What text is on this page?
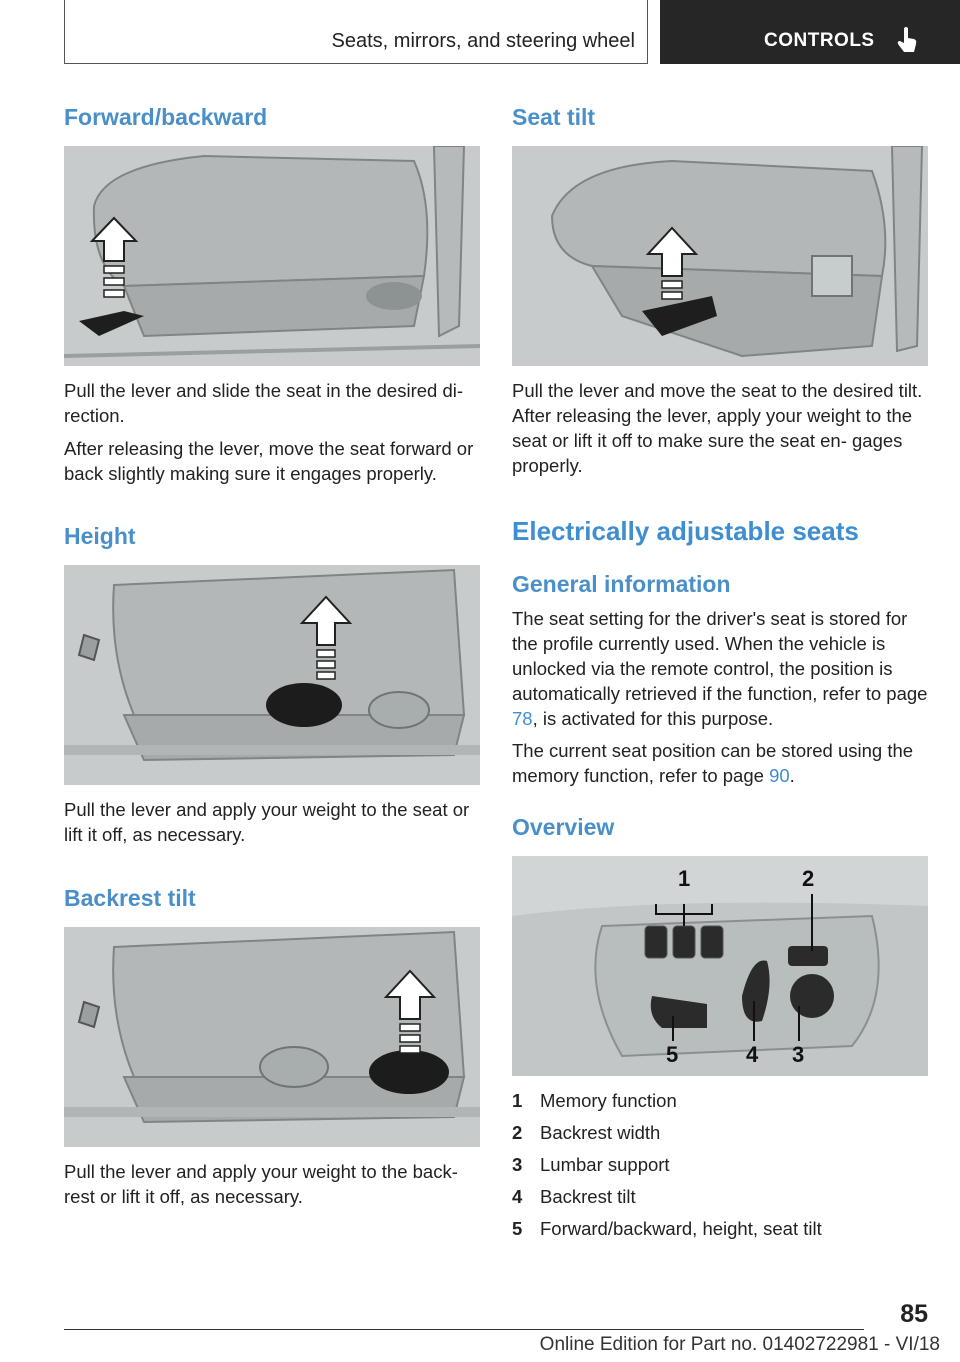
Seats, mirrors, and steering wheel	CONTROLS
Forward/backward

Pull the lever and slide the seat in the desired di‐ rection.

After releasing the lever, move the seat forward or back slightly making sure it engages properly.

Height

Pull the lever and apply your weight to the seat or lift it off, as necessary.

Backrest tilt

Pull the lever and apply your weight to the back‐ rest or lift it off, as necessary.

Seat tilt

Pull the lever and move the seat to the desired tilt. After releasing the lever, apply your weight to the seat or lift it off to make sure the seat en‐ gages properly.

Electrically adjustable seats
General information

The seat setting for the driver's seat is stored for the profile currently used. When the vehicle is unlocked via the remote control, the position is automatically retrieved if the function, refer to page 78, is activated for this purpose.

The current seat position can be stored using the memory function, refer to page 90.

Overview
1	2
3
4
5
1 Memory function
2 Backrest width
3 Lumbar support
4 Backrest tilt
5 Forward/backward, height, seat tilt
85
Online Edition for Part no. 01402722981 - VI/18
